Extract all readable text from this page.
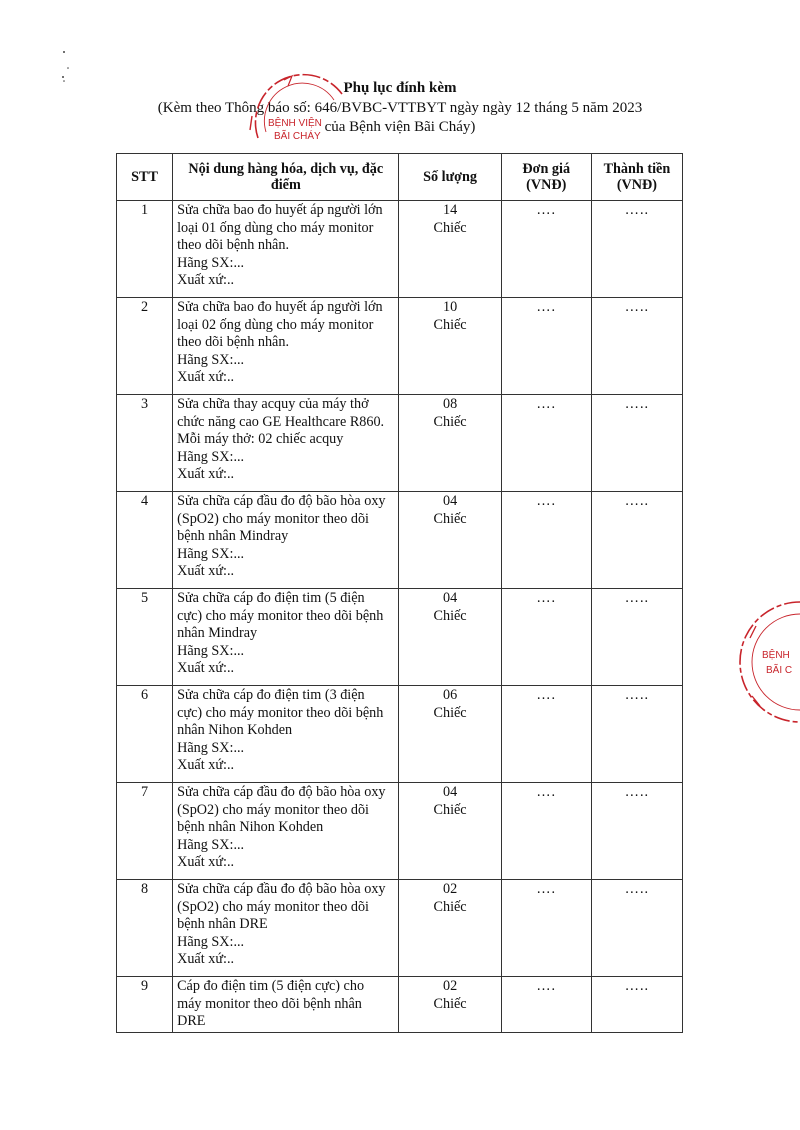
Phụ lục đính kèm
(Kèm theo Thông báo số: 646/BVBC-VTTBYT ngày ngày 12 tháng 5 năm 2023
của Bệnh viện Bãi Cháy)
BỆNH VIỆN
BÃI CHÁY
STT	Nội dung hàng hóa, dịch vụ, đặc điểm	Số lượng	Đơn giá (VNĐ)	Thành tiền (VNĐ)
1	Sửa chữa bao đo huyết áp người lớn
loại 01 ống dùng cho máy monitor
theo dõi bệnh nhân.
Hãng SX:...
Xuất xứ:..	14
Chiếc	….	…..
2	Sửa chữa bao đo huyết áp người lớn
loại 02 ống dùng cho máy monitor
theo dõi bệnh nhân.
Hãng SX:...
Xuất xứ:..	10
Chiếc	….	…..
3	Sửa chữa thay acquy của máy thở
chức năng cao GE Healthcare R860.
Mỗi máy thở: 02 chiếc acquy
Hãng SX:...
Xuất xứ:..	08
Chiếc	….	…..
4	Sửa chữa cáp đầu đo độ bão hòa oxy
(SpO2) cho máy monitor theo dõi
bệnh nhân Mindray
Hãng SX:...
Xuất xứ:..	04
Chiếc	….	…..
5	Sửa chữa cáp đo điện tim (5 điện
cực) cho máy monitor theo dõi bệnh
nhân Mindray
Hãng SX:...
Xuất xứ:..	04
Chiếc	….	…..
6	Sửa chữa cáp đo điện tim (3 điện
cực) cho máy monitor theo dõi bệnh
nhân Nihon Kohden
Hãng SX:...
Xuất xứ:..	06
Chiếc	….	…..
7	Sửa chữa cáp đầu đo độ bão hòa oxy
(SpO2) cho máy monitor theo dõi
bệnh nhân Nihon Kohden
Hãng SX:...
Xuất xứ:..	04
Chiếc	….	…..
8	Sửa chữa cáp đầu đo độ bão hòa oxy
(SpO2) cho máy monitor theo dõi
bệnh nhân DRE
Hãng SX:...
Xuất xứ:..	02
Chiếc	….	…..
9	Cáp đo điện tim (5 điện cực) cho
máy monitor theo dõi bệnh nhân
DRE	02
Chiếc	….	…..
BỆNH
BÃI C
